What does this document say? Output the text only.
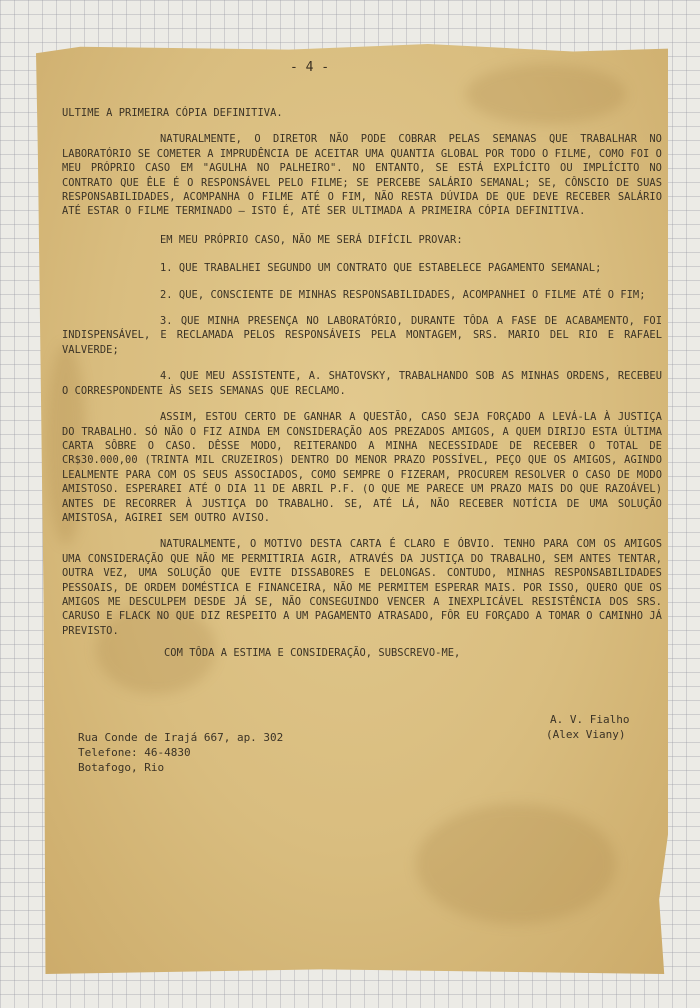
- 4 -

ULTIME A PRIMEIRA CÓPIA DEFINITIVA.

NATURALMENTE, O DIRETOR NÃO PODE COBRAR PELAS SEMANAS QUE TRABALHAR NO LABORATÓRIO SE COMETER A IMPRUDÊNCIA DE ACEITAR UMA QUANTIA GLOBAL POR TODO O FILME, COMO FOI O MEU PRÓPRIO CASO EM "AGULHA NO PALHEIRO". NO ENTANTO, SE ESTÁ EXPLÍCITO OU IMPLÍCITO NO CONTRATO QUE ÊLE É O RESPONSÁVEL PELO FILME; SE PERCEBE SALÁRIO SEMANAL; SE, CÔNSCIO DE SUAS RESPONSABILIDADES, ACOMPANHA O FILME ATÉ O FIM, NÃO RESTA DÚVIDA DE QUE DEVE RECEBER SALÁRIO ATÉ ESTAR O FILME TERMINADO — ISTO É, ATÉ SER ULTIMADA A PRIMEIRA CÓPIA DEFINITIVA.

EM MEU PRÓPRIO CASO, NÃO ME SERÁ DIFÍCIL PROVAR:

1. QUE TRABALHEI SEGUNDO UM CONTRATO QUE ESTABELECE PAGAMENTO SEMANAL;

2. QUE, CONSCIENTE DE MINHAS RESPONSABILIDADES, ACOMPANHEI O FILME ATÉ O FIM;

3. QUE MINHA PRESENÇA NO LABORATÓRIO, DURANTE TÔDA A FASE DE ACABAMENTO, FOI INDISPENSÁVEL, E RECLAMADA PELOS RESPONSÁVEIS PELA MONTAGEM, SRS. MARIO DEL RIO E RAFAEL VALVERDE;

4. QUE MEU ASSISTENTE, A. SHATOVSKY, TRABALHANDO SOB AS MINHAS ORDENS, RECEBEU O CORRESPONDENTE ÀS SEIS SEMANAS QUE RECLAMO.

ASSIM, ESTOU CERTO DE GANHAR A QUESTÃO, CASO SEJA FORÇADO A LEVÁ-LA À JUSTIÇA DO TRABALHO. SÓ NÃO O FIZ AINDA EM CONSIDERAÇÃO AOS PREZADOS AMIGOS, A QUEM DIRIJO ESTA ÚLTIMA CARTA SÔBRE O CASO. DÊSSE MODO, REITERANDO A MINHA NECESSIDADE DE RECEBER O TOTAL DE CR$30.000,00 (TRINTA MIL CRUZEIROS) DENTRO DO MENOR PRAZO POSSÍVEL, PEÇO QUE OS AMIGOS, AGINDO LEALMENTE PARA COM OS SEUS ASSOCIADOS, COMO SEMPRE O FIZERAM, PROCUREM RESOLVER O CASO DE MODO AMISTOSO. ESPERAREI ATÉ O DIA 11 DE ABRIL P.F. (O QUE ME PARECE UM PRAZO MAIS DO QUE RAZOÁVEL) ANTES DE RECORRER À JUSTIÇA DO TRABALHO. SE, ATÉ LÁ, NÃO RECEBER NOTÍCIA DE UMA SOLUÇÃO AMISTOSA, AGIREI SEM OUTRO AVISO.

NATURALMENTE, O MOTIVO DESTA CARTA É CLARO E ÓBVIO. TENHO PARA COM OS AMIGOS UMA CONSIDERAÇÃO QUE NÃO ME PERMITIRIA AGIR, ATRAVÉS DA JUSTIÇA DO TRABALHO, SEM ANTES TENTAR, OUTRA VEZ, UMA SOLUÇÃO QUE EVITE DISSABORES E DELONGAS. CONTUDO, MINHAS RESPONSABILIDADES PESSOAIS, DE ORDEM DOMÉSTICA E FINANCEIRA, NÃO ME PERMITEM ESPERAR MAIS. POR ISSO, QUERO QUE OS AMIGOS ME DESCULPEM DESDE JÁ SE, NÃO CONSEGUINDO VENCER A INEXPLICÁVEL RESISTÊNCIA DOS SRS. CARUSO E FLACK NO QUE DIZ RESPEITO A UM PAGAMENTO ATRASADO, FÔR EU FORÇADO A TOMAR O CAMINHO JÁ PREVISTO.

COM TÔDA A ESTIMA E CONSIDERAÇÃO, SUBSCREVO-ME,

A. V. Fialho
(Alex Viany)
Rua Conde de Irajá 667, ap. 302
Telefone: 46-4830
Botafogo, Rio
